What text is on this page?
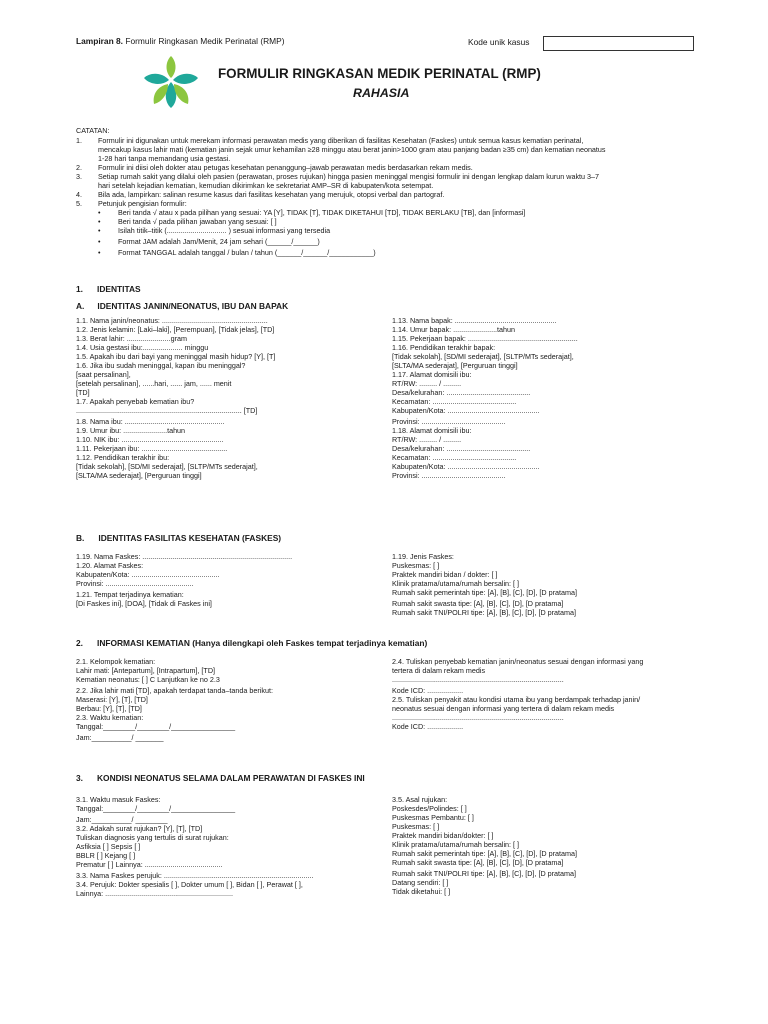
Lampiran 8. Formulir Ringkasan Medik Perinatal (RMP)	Kode unik kasus
FORMULIR RINGKASAN MEDIK PERINATAL (RMP)
RAHASIA
CATATAN:
1. Formulir ini digunakan untuk merekam informasi perawatan medis yang diberikan di fasilitas Kesehatan (Faskes) untuk semua kasus kematian perinatal,
mencakup kasus lahir mati (kematian janin sejak umur kehamilan ≥28 minggu atau berat janin>1000 gram atau panjang badan ≥35 cm) dan kematian neonatus
1-28 hari tanpa memandang usia gestasi.
2. Formulir ini diisi oleh dokter atau petugas kesehatan penanggung–jawab perawatan medis berdasarkan rekam medis.
3. Setiap rumah sakit yang dilalui oleh pasien (perawatan, proses rujukan) hingga pasien meninggal mengisi formulir ini dengan lengkap dalam kurun waktu 3–7
hari setelah kejadian kematian, kemudian dikirimkan ke sekretariat AMP–SR di kabupaten/kota setempat.
4. Bila ada, lampirkan: salinan resume kasus dari fasilitas kesehatan yang merujuk, otopsi verbal dan partograf.
5. Petunjuk pengisian formulir:
• Beri tanda √ atau x pada pilihan yang sesuai: YA [Y], TIDAK [T], TIDAK DIKETAHUI [TD], TIDAK BERLAKU [TB], dan [informasi]
• Beri tanda √ pada pilihan jawaban yang sesuai: [ ]
• Isilah titik–titik (.............................. ) sesuai informasi yang tersedia
• Format JAM adalah Jam/Menit, 24 jam sehari (______/______)
• Format TANGGAL adalah tanggal / bulan / tahun (______/______/___________)
1. IDENTITAS
A. IDENTITAS JANIN/NEONATUS, IBU DAN BAPAK
1.1. Nama janin/neonatus: .....................................................
1.2. Jenis kelamin: [Laki–laki], [Perempuan], [Tidak jelas], [TD]
1.3. Berat lahir: ......................gram
1.4. Usia gestasi ibu:.................... minggu
1.5. Apakah ibu dari bayi yang meninggal masih hidup? [Y], [T]
1.6. Jika ibu sudah meninggal, kapan ibu meninggal?
[saat persalinan],
[setelah persalinan], ......hari, ...... jam, ...... menit
[TD]
1.7. Apakah penyebab kematian ibu?
................................................................................... [TD]
1.8. Nama ibu: ..................................................
1.9. Umur ibu: ......................tahun
1.10. NIK ibu: ...................................................
1.11. Pekerjaan ibu: ...........................................
1.12. Pendidikan terakhir ibu:
[Tidak sekolah], [SD/MI sederajat], [SLTP/MTs sederajat],
[SLTA/MA sederajat], [Perguruan tinggi]
1.13. Nama bapak: ...................................................
1.14. Umur bapak: ......................tahun
1.15. Pekerjaan bapak: .......................................................
1.16. Pendidikan terakhir bapak:
[Tidak sekolah], [SD/MI sederajat], [SLTP/MTs sederajat],
[SLTA/MA sederajat], [Perguruan tinggi]
1.17. Alamat domisili ibu:
RT/RW: ......... / .........
Desa/kelurahan: ..........................................
Kecamatan: ..........................................
Kabupaten/Kota: ..............................................
Provinsi: ..........................................
1.18. Alamat domisili ibu:
RT/RW: ......... / .........
Desa/kelurahan: ..........................................
Kecamatan: ..........................................
Kabupaten/Kota: ..............................................
Provinsi: ..........................................
B. IDENTITAS FASILITAS KESEHATAN (FASKES)
1.19. Nama Faskes: ...........................................................................
1.20. Alamat Faskes:
Kabupaten/Kota: ............................................
Provinsi: ............................................
1.21. Tempat terjadinya kematian:
[Di Faskes ini], [DOA], [Tidak di Faskes ini]
1.19. Jenis Faskes:
Puskesmas: [ ]
Praktek mandiri bidan / dokter: [ ]
Klinik pratama/utama/rumah bersalin: [ ]
Rumah sakit pemerintah tipe: [A], [B], [C], [D], [D pratama]
Rumah sakit swasta tipe: [A], [B], [C], [D], [D pratama]
Rumah sakit TNI/POLRI tipe: [A], [B], [C], [D], [D pratama]
2. INFORMASI KEMATIAN (Hanya dilengkapi oleh Faskes tempat terjadinya kematian)
2.1. Kelompok kematian:
Lahir mati: [Antepartum], [Intrapartum], [TD]
Kematian neonatus: [ ] C Lanjutkan ke no 2.3
2.2. Jika lahir mati [TD], apakah terdapat tanda–tanda berikut:
Maserasi: [Y], [T], [TD]
Berbau: [Y], [T], [TD]
2.3. Waktu kematian:
Tanggal:________/________/________________
Jam:__________/ _______
2.4. Tuliskan penyebab kematian janin/neonatus sesuai dengan informasi yang
tertera di dalam rekam medis
......................................................................................
Kode ICD: ..................
2.5. Tuliskan penyakit atau kondisi utama ibu yang berdampak terhadap janin/
neonatus sesuai dengan informasi yang tertera di dalam rekam medis
......................................................................................
Kode ICD: ..................
3. KONDISI NEONATUS SELAMA DALAM PERAWATAN DI FASKES INI
3.1. Waktu masuk Faskes:
Tanggal:________/________/________________
Jam:__________/ ________
3.2. Adakah surat rujukan? [Y], [T], [TD]
Tuliskan diagnosis yang tertulis di surat rujukan:
Asfiksia [ ] Sepsis [ ]
BBLR [ ] Kejang [ ]
Prematur [ ] Lainnya: .......................................
3.3. Nama Faskes perujuk: ...........................................................................
3.4. Perujuk: Dokter spesialis [ ], Dokter umum [ ], Bidan [ ], Perawat [ ],
Lainnya: ................................................................
3.5. Asal rujukan:
Poskesdes/Polindes: [ ]
Puskesmas Pembantu: [ ]
Puskesmas: [ ]
Praktek mandiri bidan/dokter: [ ]
Klinik pratama/utama/rumah bersalin: [ ]
Rumah sakit pemerintah tipe: [A], [B], [C], [D], [D pratama]
Rumah sakit swasta tipe: [A], [B], [C], [D], [D pratama]
Rumah sakit TNI/POLRI tipe: [A], [B], [C], [D], [D pratama]
Datang sendiri: [ ]
Tidak diketahui: [ ]
